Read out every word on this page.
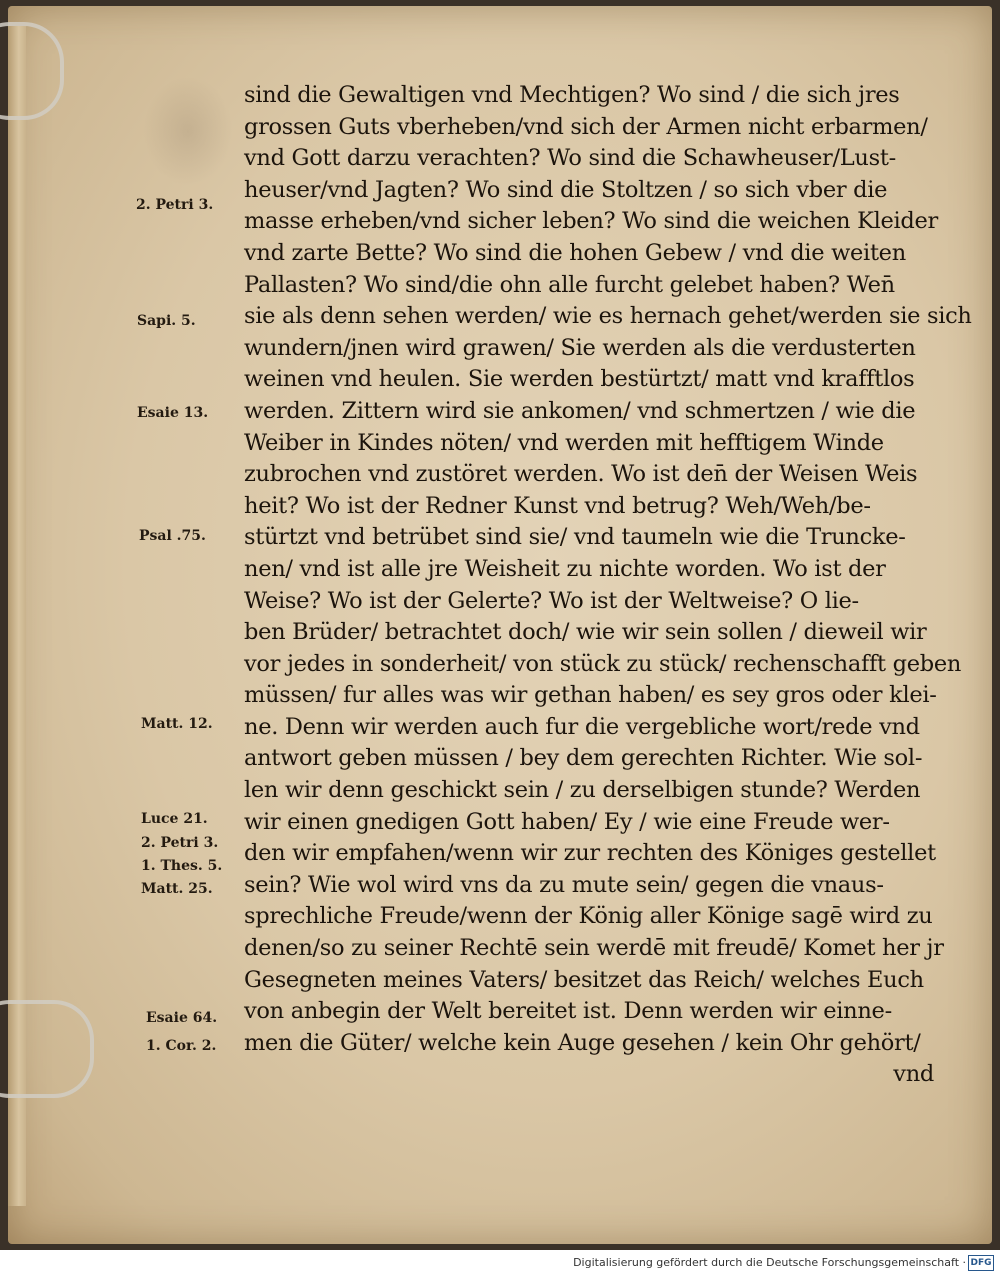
sind die Gewaltigen vnd Mechtigen? Wo sind / die sich jres
grossen Guts vberheben/vnd sich der Armen nicht erbarmen/
vnd Gott darzu verachten? Wo sind die Schawheuser/Lust-
heuser/vnd Jagten? Wo sind die Stoltzen / so sich vber die
masse erheben/vnd sicher leben? Wo sind die weichen Kleider
vnd zarte Bette? Wo sind die hohen Gebew / vnd die weiten
Pallasten? Wo sind/die ohn alle furcht gelebet haben? Wen̄
sie als denn sehen werden/ wie es hernach gehet/werden sie sich
wundern/jnen wird grawen/ Sie werden als die verdusterten
weinen vnd heulen. Sie werden bestürtzt/ matt vnd krafftlos
werden. Zittern wird sie ankomen/ vnd schmertzen / wie die
Weiber in Kindes nöten/ vnd werden mit hefftigem Winde
zubrochen vnd zustöret werden. Wo ist den̄ der Weisen Weis
heit? Wo ist der Redner Kunst vnd betrug? Weh/Weh/be-
stürtzt vnd betrübet sind sie/ vnd taumeln wie die Truncke-
nen/ vnd ist alle jre Weisheit zu nichte worden. Wo ist der
Weise? Wo ist der Gelerte? Wo ist der Weltweise? O lie-
ben Brüder/ betrachtet doch/ wie wir sein sollen / dieweil wir
vor jedes in sonderheit/ von stück zu stück/ rechenschafft geben
müssen/ fur alles was wir gethan haben/ es sey gros oder klei-
ne. Denn wir werden auch fur die vergebliche wort/rede vnd
antwort geben müssen / bey dem gerechten Richter. Wie sol-
len wir denn geschickt sein / zu derselbigen stunde? Werden
wir einen gnedigen Gott haben/ Ey / wie eine Freude wer-
den wir empfahen/wenn wir zur rechten des Königes gestellet
sein? Wie wol wird vns da zu mute sein/ gegen die vnaus-
sprechliche Freude/wenn der König aller Könige sagē wird zu
denen/so zu seiner Rechtē sein werdē mit freudē/ Komet her jr
Gesegneten meines Vaters/ besitzet das Reich/ welches Euch
von anbegin der Welt bereitet ist. Denn werden wir einne-
men die Güter/ welche kein Auge gesehen / kein Ohr gehört/
vnd
2. Petri 3.
Sapi. 5.
Esaie 13.
Psal .75.
Matt. 12.
Luce 21.
2. Petri 3.
1. Thes. 5.
Matt. 25.
Esaie 64.
1. Cor. 2.
Digitalisierung gefördert durch die Deutsche Forschungsgemeinschaft · DFG
